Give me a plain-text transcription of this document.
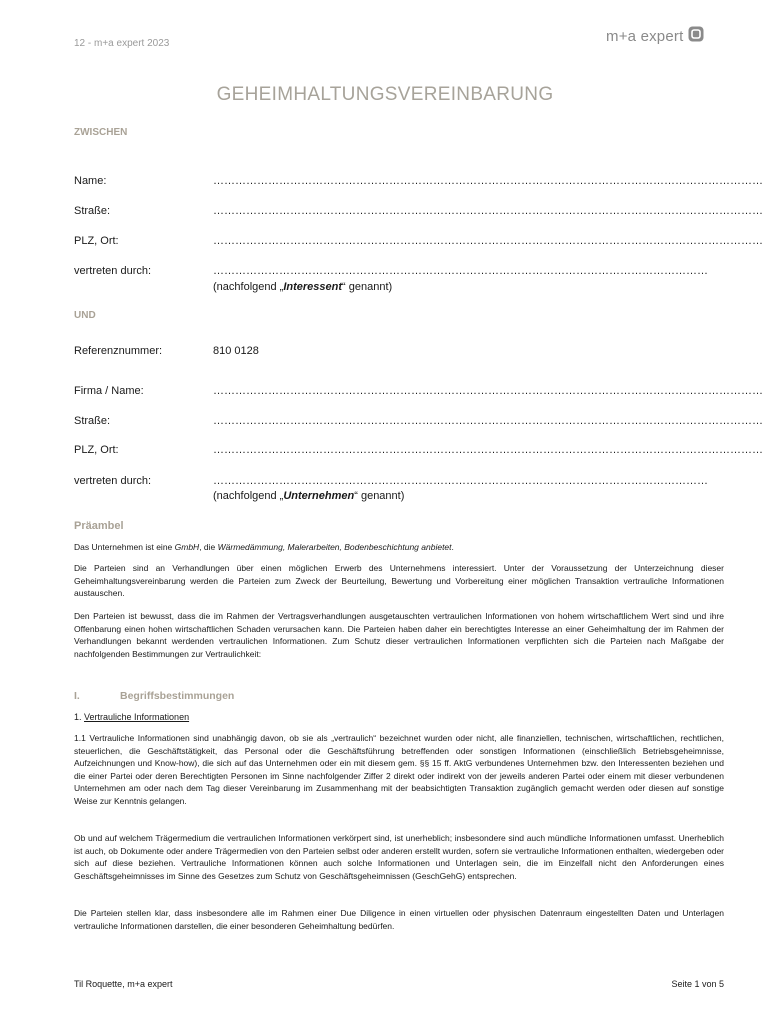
12 - m+a expert 2023	m+a expert
GEHEIMHALTUNGSVEREINBARUNG
ZWISCHEN
Name:	……………………………………………………………………………………………………………………………………
Straße:	……………………………………………………………………………………………………………………………………
PLZ, Ort:	……………………………………………………………………………………………………………………………………
vertreten durch:	………………………………………………………………………………………………………………………
(nachfolgend „Interessent“ genannt)
UND
Referenznummer:	810 0128
Firma / Name:	……………………………………………………………………………………………………………………………………
Straße:	……………………………………………………………………………………………………………………………………
PLZ, Ort:	……………………………………………………………………………………………………………………………………
vertreten durch:	………………………………………………………………………………………………………………………
(nachfolgend „Unternehmen“ genannt)
Präambel
Das Unternehmen ist eine GmbH, die Wärmedämmung, Malerarbeiten, Bodenbeschichtung anbietet.
Die Parteien sind an Verhandlungen über einen möglichen Erwerb des Unternehmens interessiert. Unter der Voraussetzung der Unterzeichnung dieser Geheimhaltungsvereinbarung werden die Parteien zum Zweck der Beurteilung, Bewertung und Vorbereitung einer möglichen Transaktion vertrauliche Informationen austauschen.
Den Parteien ist bewusst, dass die im Rahmen der Vertragsverhandlungen ausgetauschten vertraulichen Informationen von hohem wirtschaftlichem Wert sind und ihre Offenbarung einen hohen wirtschaftlichen Schaden verursachen kann. Die Parteien haben daher ein berechtigtes Interesse an einer Geheimhaltung der im Rahmen der Verhandlungen bekannt werdenden vertraulichen Informationen. Zum Schutz dieser vertraulichen Informationen verpflichten sich die Parteien nach Maßgabe der nachfolgenden Bestimmungen zur Vertraulichkeit:
I.	Begriffsbestimmungen
1. Vertrauliche Informationen
1.1 Vertrauliche Informationen sind unabhängig davon, ob sie als „vertraulich“ bezeichnet wurden oder nicht, alle finanziellen, technischen, wirtschaftlichen, rechtlichen, steuerlichen, die Geschäftstätigkeit, das Personal oder die Geschäftsführung betreffenden oder sonstigen Informationen (einschließlich Betriebsgeheimnisse, Aufzeichnungen und Know-how), die sich auf das Unternehmen oder ein mit diesem gem. §§ 15 ff. AktG verbundenes Unternehmen bzw. den Interessenten beziehen und die einer Partei oder deren Berechtigten Personen im Sinne nachfolgender Ziffer 2 direkt oder indirekt von der jeweils anderen Partei oder einem mit dieser verbundenen Unternehmen am oder nach dem Tag dieser Vereinbarung im Zusammenhang mit der beabsichtigten Transaktion zugänglich gemacht werden oder diesen auf sonstige Weise zur Kenntnis gelangen.
Ob und auf welchem Trägermedium die vertraulichen Informationen verkörpert sind, ist unerheblich; insbesondere sind auch mündliche Informationen umfasst. Unerheblich ist auch, ob Dokumente oder andere Trägermedien von den Parteien selbst oder anderen erstellt wurden, sofern sie vertrauliche Informationen enthalten, wiedergeben oder sich auf diese beziehen. Vertrauliche Informationen können auch solche Informationen und Unterlagen sein, die im Einzelfall nicht den Anforderungen eines Geschäftsgeheimnisses im Sinne des Gesetzes zum Schutz von Geschäftsgeheimnissen (GeschGehG) entsprechen.
Die Parteien stellen klar, dass insbesondere alle im Rahmen einer Due Diligence in einen virtuellen oder physischen Datenraum eingestellten Daten und Unterlagen vertrauliche Informationen darstellen, die einer besonderen Geheimhaltung bedürfen.
Til Roquette, m+a expert	Seite 1 von 5
